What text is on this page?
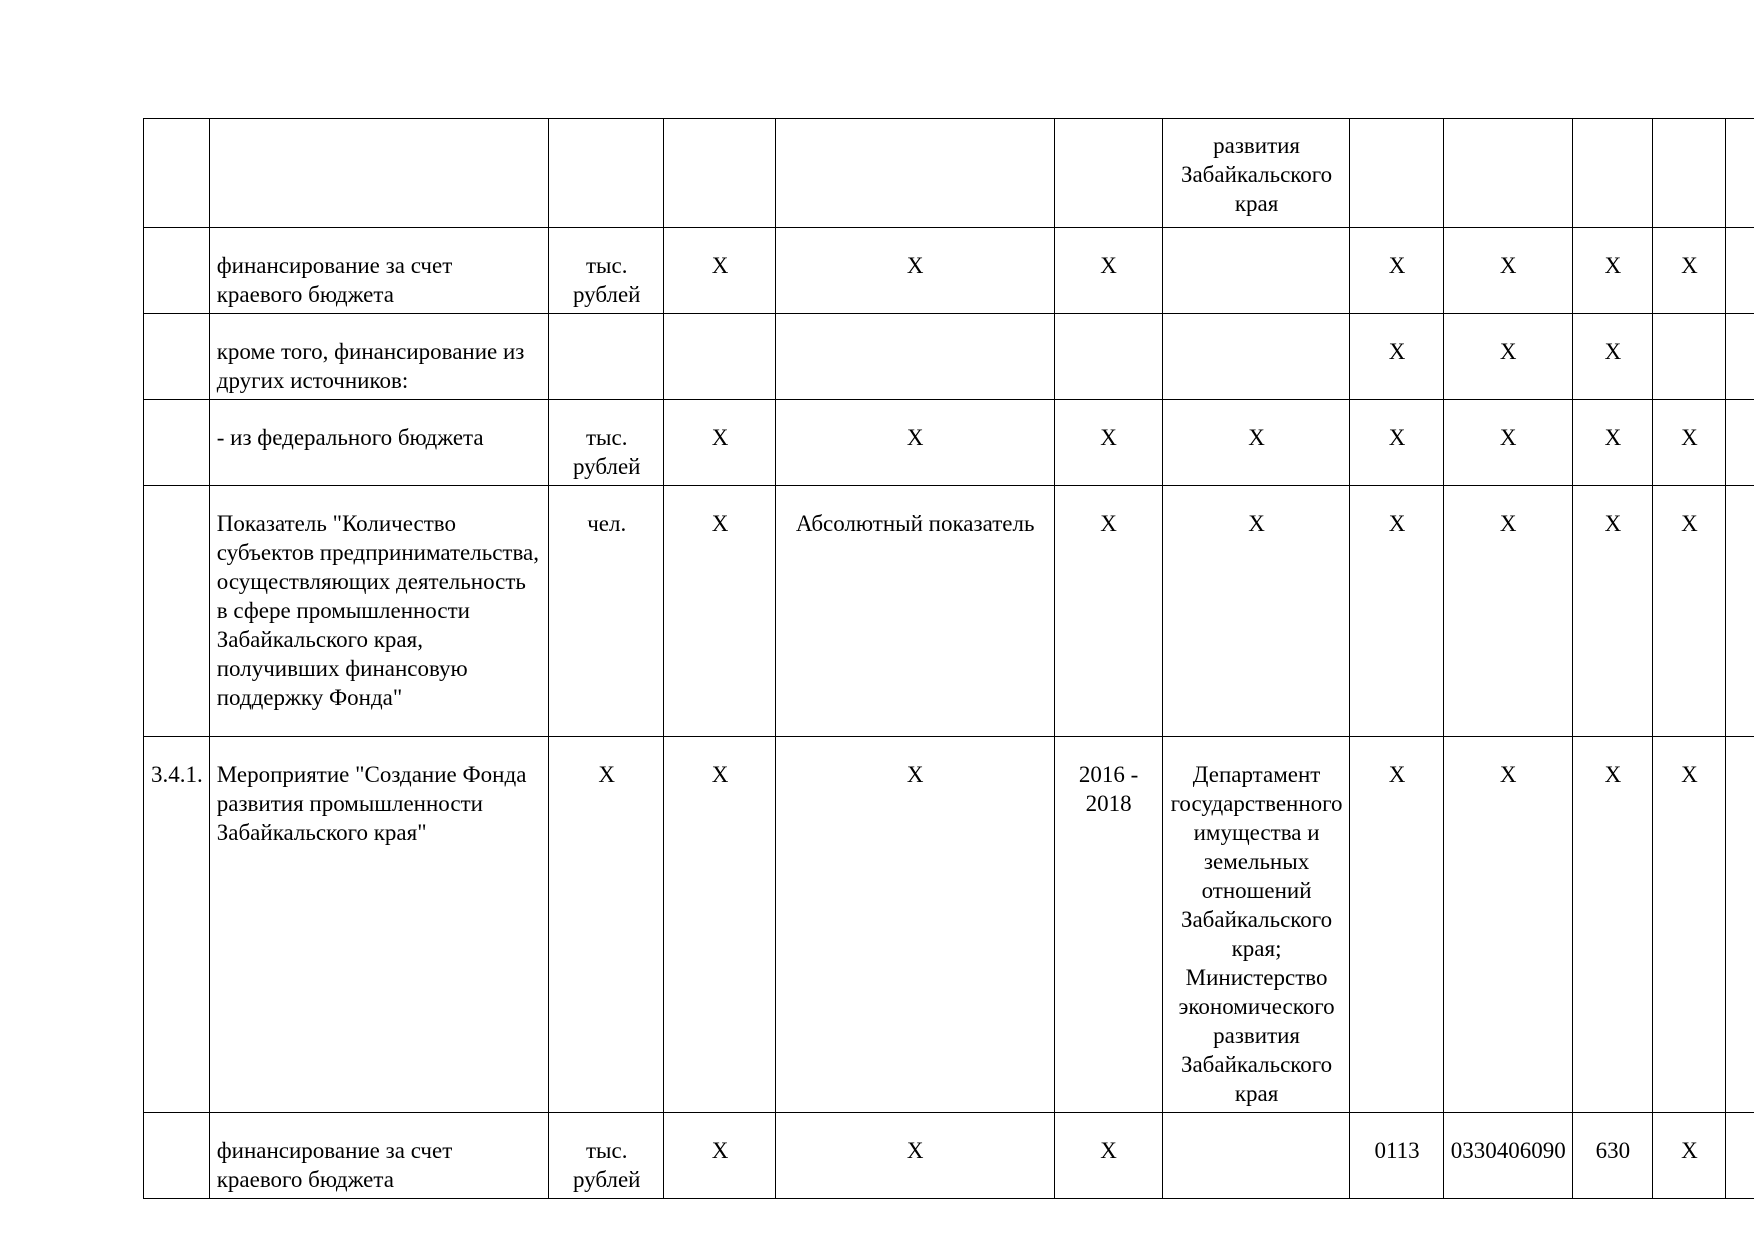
						развития Забайкальского края					
	финансирование за счет краевого бюджета	тыс. рублей	Х	Х	Х		Х	Х	Х	Х	
	кроме того, финансирование из других источников:						Х	Х	Х		
	- из федерального бюджета	тыс. рублей	Х	Х	Х	Х	Х	Х	Х	Х	
	Показатель "Количество субъектов предпринимательства, осуществляющих деятельность в сфере промышленности Забайкальского края, получивших финансовую поддержку Фонда"	чел.	Х	Абсолютный показатель	Х	Х	Х	Х	Х	Х	
3.4.1.	Мероприятие "Создание Фонда развития промышленности Забайкальского края"	Х	Х	Х	2016 - 2018	Департамент государственного имущества и земельных отношений Забайкальского края; Министерство экономического развития Забайкальского края	Х	Х	Х	Х	
	финансирование за счет краевого бюджета	тыс. рублей	Х	Х	Х		0113	0330406090	630	Х	
